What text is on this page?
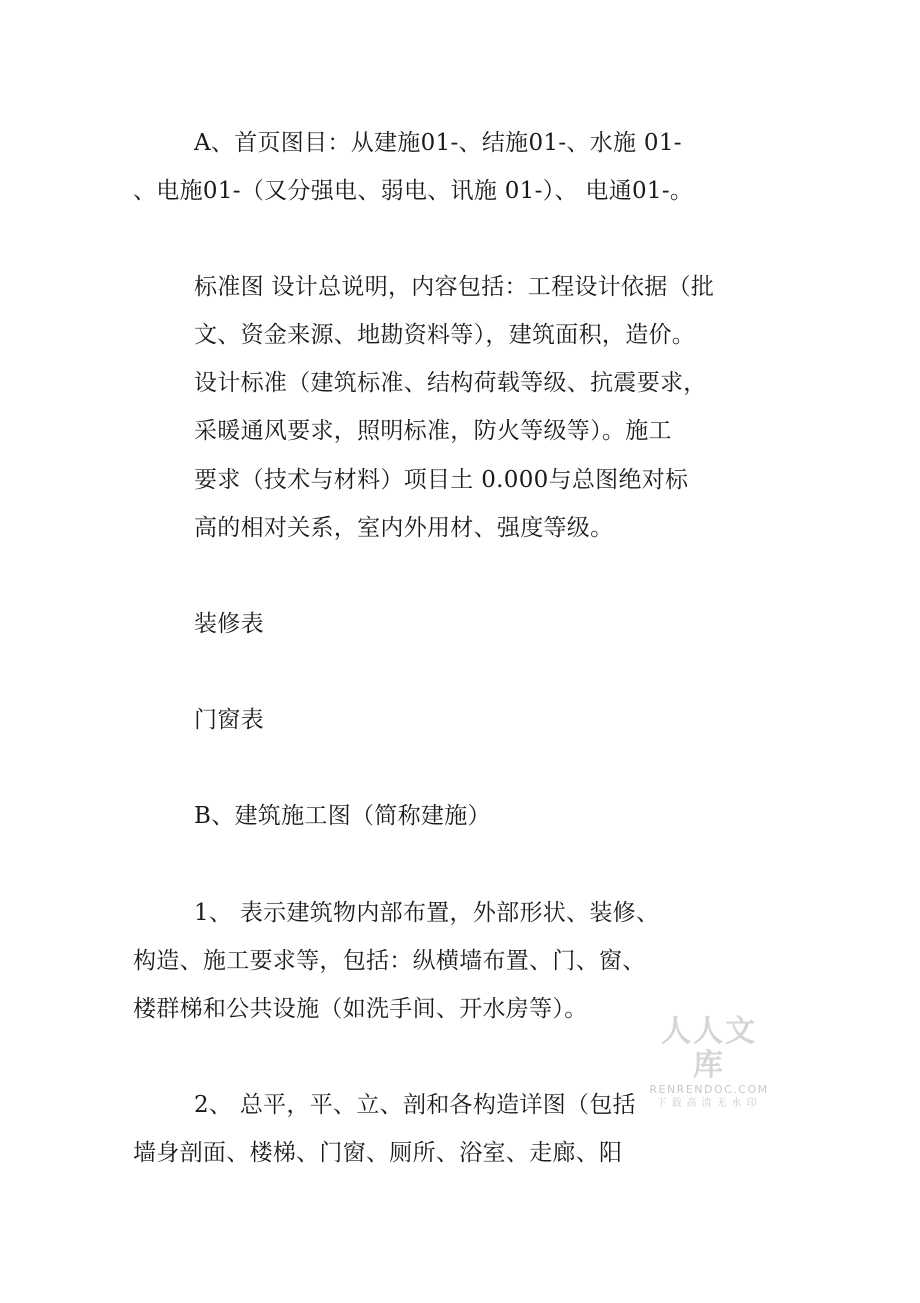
A、首页图目：从建施01-、结施01-、水施 01-
、电施01-（又分强电、弱电、讯施 01-）、 电通01-。
标准图 设计总说明，内容包括：工程设计依据（批
文、资金来源、地勘资料等），建筑面积，造价。
设计标准（建筑标准、结构荷载等级、抗震要求，
采暖通风要求，照明标准，防火等级等）。施工
要求（技术与材料）项目土 0.000与总图绝对标
高的相对关系，室内外用材、强度等级。
装修表
门窗表
B、建筑施工图（简称建施）
1、 表示建筑物内部布置，外部形状、装修、
构造、施工要求等，包括：纵横墙布置、门、窗、
楼群梯和公共设施（如洗手间、开水房等）。
2、 总平，平、立、剖和各构造详图（包括
墙身剖面、楼梯、门窗、厕所、浴室、走廊、阳
人人文库
RENRENDOC.COM
下载高清无水印
